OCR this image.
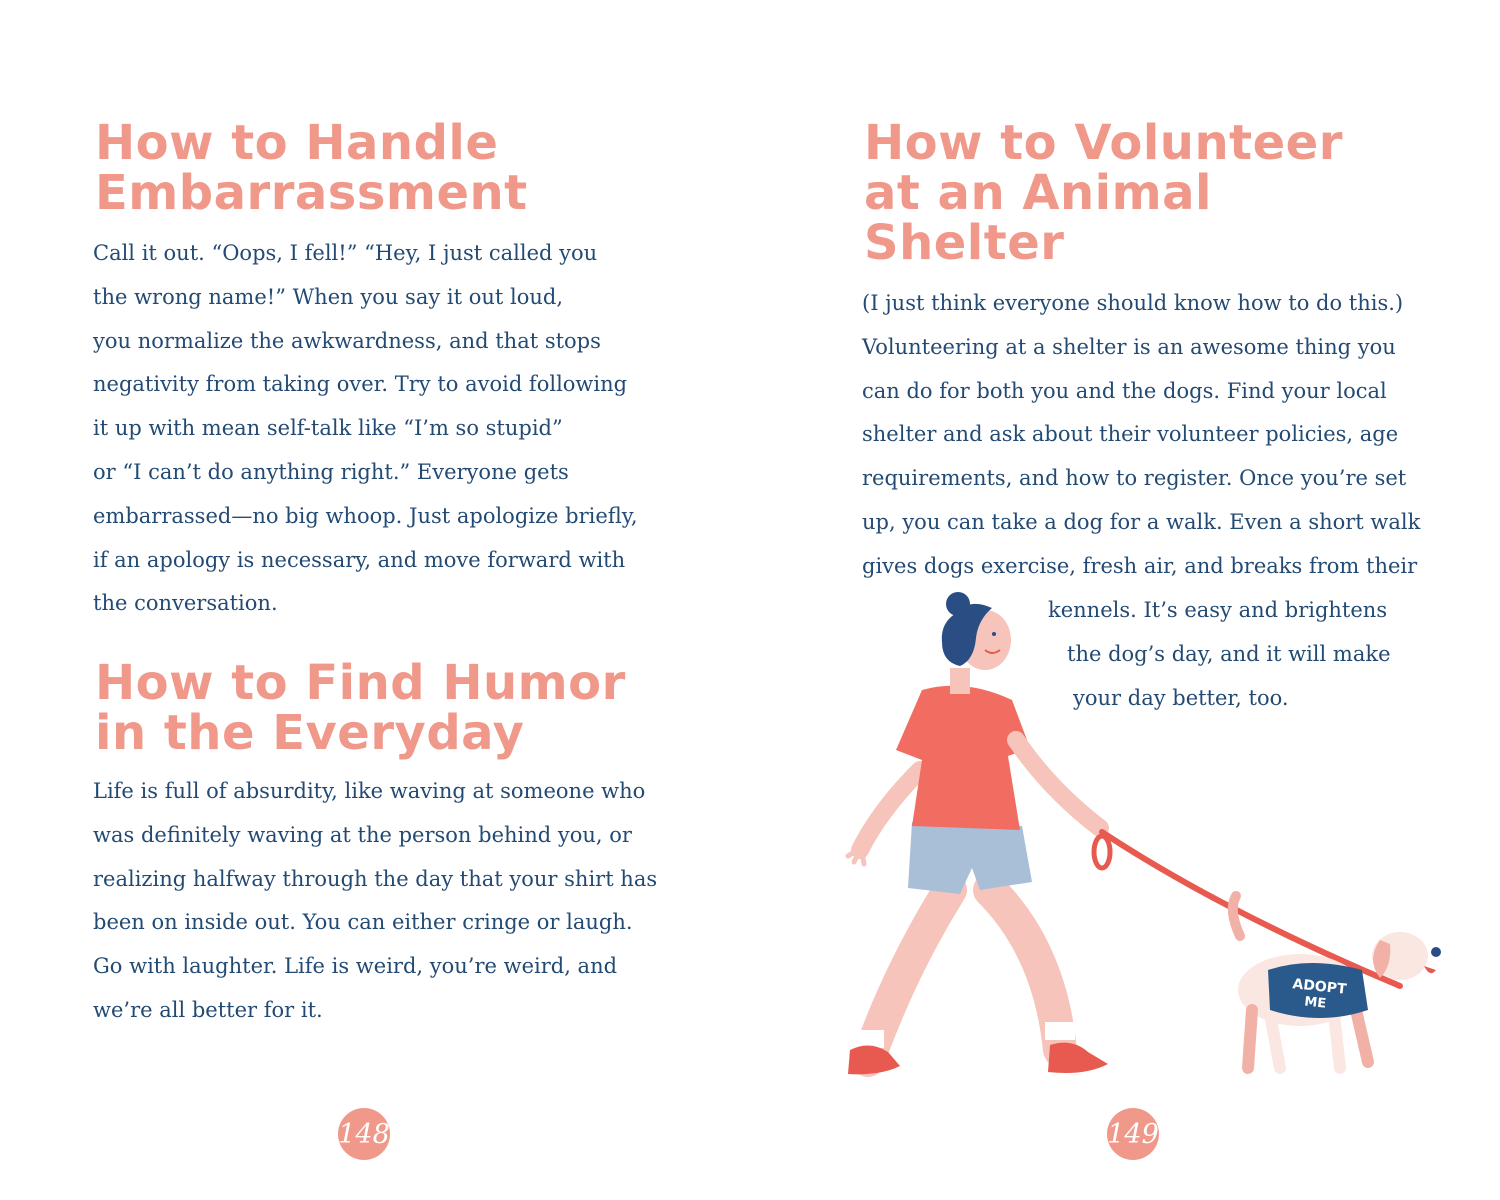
How to Handle
Embarrassment
Call it out. “Oops, I fell!” “Hey, I just called you
the wrong name!” When you say it out loud,
you normalize the awkwardness, and that stops
negativity from taking over. Try to avoid following
it up with mean self-talk like “I’m so stupid”
or “I can’t do anything right.” Everyone gets
embarrassed—no big whoop. Just apologize briefly,
if an apology is necessary, and move forward with
the conversation.
How to Find Humor
in the Everyday
Life is full of absurdity, like waving at someone who
was definitely waving at the person behind you, or
realizing halfway through the day that your shirt has
been on inside out. You can either cringe or laugh.
Go with laughter. Life is weird, you’re weird, and
we’re all better for it.
148
How to Volunteer
at an Animal
Shelter
(I just think everyone should know how to do this.)
Volunteering at a shelter is an awesome thing you
can do for both you and the dogs. Find your local
shelter and ask about their volunteer policies, age
requirements, and how to register. Once you’re set
up, you can take a dog for a walk. Even a short walk
gives dogs exercise, fresh air, and breaks from their
kennels. It’s easy and brightens
the dog’s day, and it will make
your day better, too.
ADOPT
ME
149
